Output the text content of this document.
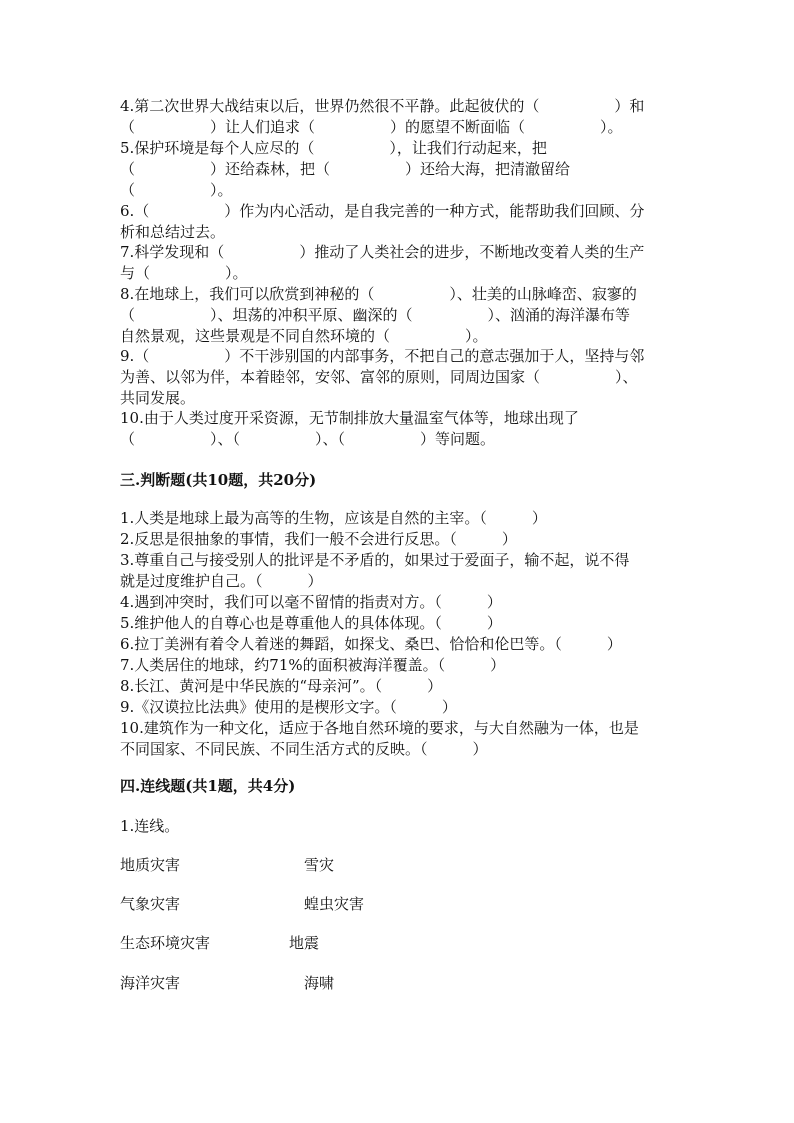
4.第二次世界大战结束以后，世界仍然很不平静。此起彼伏的（　　　　　）和

（　　　　　）让人们追求（　　　　　）的愿望不断面临（　　　　　）。

5.保护环境是每个人应尽的（　　　　　），让我们行动起来，把

（　　　　　）还给森林，把（　　　　　）还给大海，把清澈留给

（　　　　　）。

6.（　　　　　）作为内心活动，是自我完善的一种方式，能帮助我们回顾、分

析和总结过去。

7.科学发现和（　　　　　）推动了人类社会的进步，不断地改变着人类的生产

与（　　　　　）。

8.在地球上，我们可以欣赏到神秘的（　　　　　）、壮美的山脉峰峦、寂寥的

（　　　　　）、坦荡的冲积平原、幽深的（　　　　　）、汹涌的海洋瀑布等

自然景观，这些景观是不同自然环境的（　　　　　）。

9.（　　　　　）不干涉别国的内部事务，不把自己的意志强加于人，坚持与邻

为善、以邻为伴，本着睦邻，安邻、富邻的原则，同周边国家（　　　　　）、

共同发展。

10.由于人类过度开采资源，无节制排放大量温室气体等，地球出现了

（　　　　　）、（　　　　　）、（　　　　　）等问题。

三.判断题(共10题，共20分)

1.人类是地球上最为高等的生物，应该是自然的主宰。（　　　）

2.反思是很抽象的事情，我们一般不会进行反思。（　　　）

3.尊重自己与接受别人的批评是不矛盾的，如果过于爱面子，输不起，说不得

就是过度维护自己。（　　　）

4.遇到冲突时，我们可以毫不留情的指责对方。（　　　）

5.维护他人的自尊心也是尊重他人的具体体现。（　　　）

6.拉丁美洲有着令人着迷的舞蹈，如探戈、桑巴、恰恰和伦巴等。（　　　）

7.人类居住的地球，约71%的面积被海洋覆盖。（　　　）

8.长江、黄河是中华民族的“母亲河”。（　　　）

9.《汉谟拉比法典》使用的是楔形文字。（　　　）

10.建筑作为一种文化，适应于各地自然环境的要求，与大自然融为一体，也是

不同国家、不同民族、不同生活方式的反映。（　　　）

四.连线题(共1题，共4分)
1.连线。
地质灾害	雪灾
气象灾害	蝗虫灾害
生态环境灾害	地震
海洋灾害	海啸
